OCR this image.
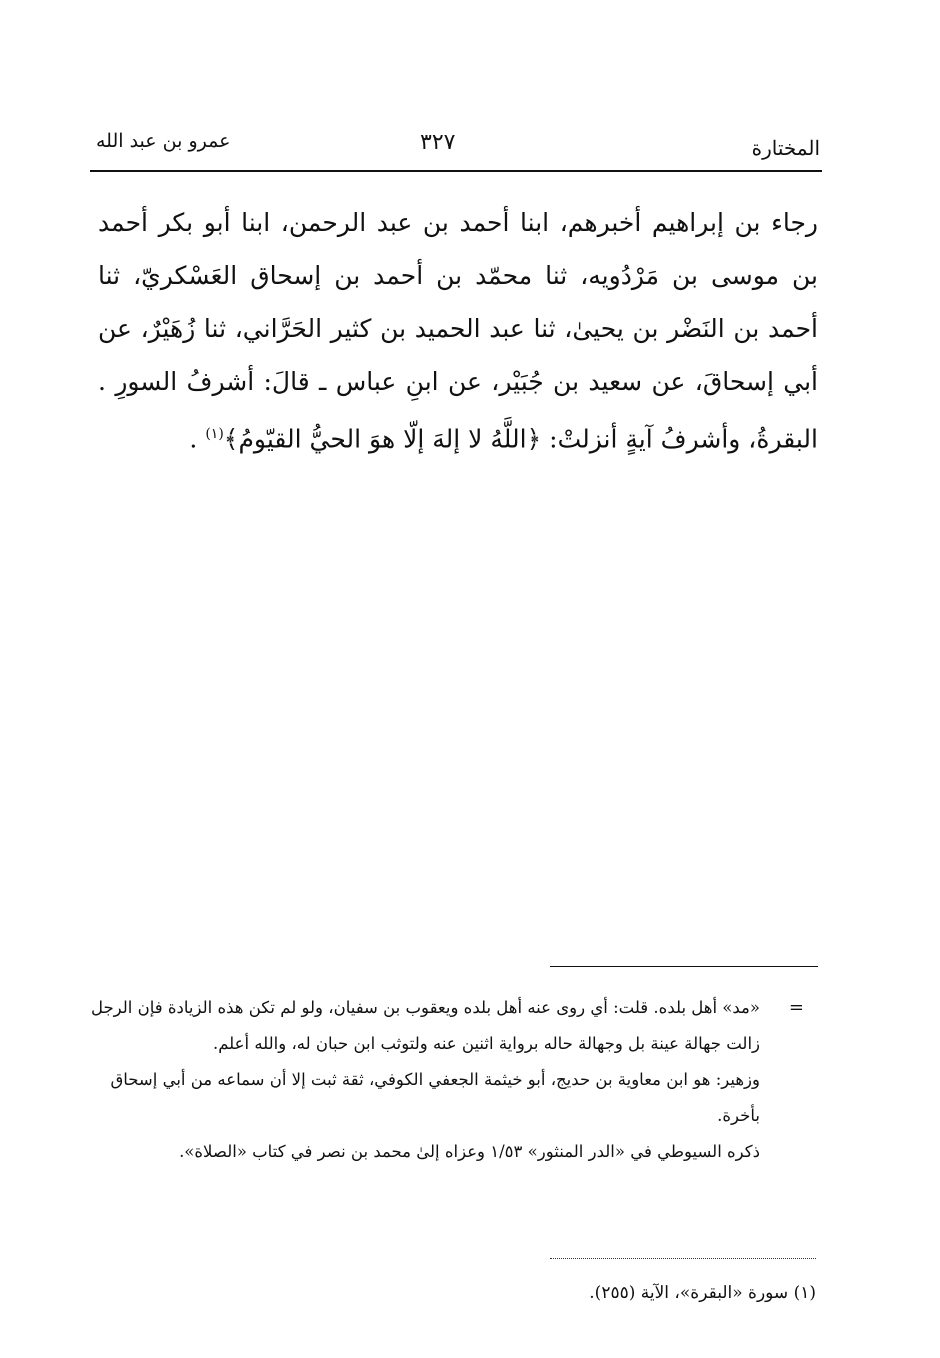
المختارة
٣٢٧
عمرو بن عبد الله

رجاء بن إبراهيم أخبرهم، ابنا أحمد بن عبد الرحمن، ابنا أبو بكر أحمد بن موسى بن مَرْدُويه، ثنا محمّد بن أحمد بن إسحاق العَسْكريّ، ثنا أحمد بن النَضْر بن يحيىٰ، ثنا عبد الحميد بن كثير الحَرَّاني، ثنا زُهَيْرٌ، عن أبي إسحاقَ، عن سعيد بن جُبَيْر، عن ابنِ عباس ـ قالَ: أشرفُ السورِ . البقرةُ، وأشرفُ آيةٍ أنزلتْ: ﴿اللَّهُ لا إلهَ إلّا هوَ الحيُّ القيّومُ﴾$^{(١)}$ .

=
«مد» أهل بلده. قلت: أي روى عنه أهل بلده ويعقوب بن سفيان، ولو لم تكن هذه الزيادة فإن الرجل زالت جهالة عينة بل وجهالة حاله برواية اثنين عنه ولتوثب ابن حبان له، والله أعلم.

وزهير: هو ابن معاوية بن حديج، أبو خيثمة الجعفي الكوفي، ثقة ثبت إلا أن سماعه من أبي إسحاق بأخرة.

ذكره السيوطي في «الدر المنثور» ١/٥٣ وعزاه إلىٰ محمد بن نصر في كتاب «الصلاة».

(١) سورة «البقرة»، الآية (٢٥٥).
